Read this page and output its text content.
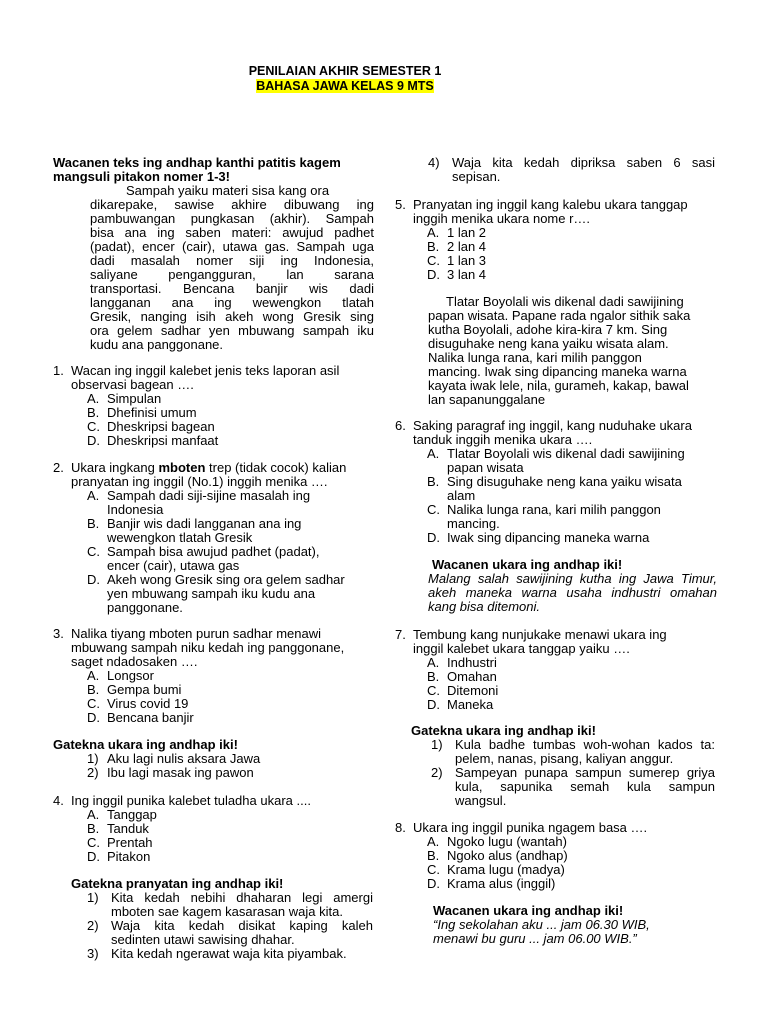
PENILAIAN AKHIR SEMESTER 1
BAHASA JAWA KELAS 9 MTS
Wacanen teks ing andhap kanthi patitis kagem
mangsuli pitakon nomer 1-3!
Sampah yaiku materi sisa kang ora
dikarepake, sawise akhire dibuwang ing
pambuwangan pungkasan (akhir). Sampah
bisa ana ing saben materi: awujud padhet
(padat), encer (cair), utawa gas. Sampah uga
dadi masalah nomer siji ing Indonesia,
saliyane pengangguran, lan sarana
transportasi. Bencana banjir wis dadi
langganan ana ing wewengkon tlatah
Gresik, nanging isih akeh wong Gresik sing
ora gelem sadhar yen mbuwang sampah iku
kudu ana panggonane.
1. Wacan ing inggil kalebet jenis teks laporan asil
observasi bagean ….
A. Simpulan
B. Dhefinisi umum
C. Dheskripsi bagean
D. Dheskripsi manfaat
2. Ukara ingkang mboten trep (tidak cocok) kalian
pranyatan ing inggil (No.1) inggih menika ….
A. Sampah dadi siji-sijine masalah ing
Indonesia
B. Banjir wis dadi langganan ana ing
wewengkon tlatah Gresik
C. Sampah bisa awujud padhet (padat),
encer (cair), utawa gas
D. Akeh wong Gresik sing ora gelem sadhar
yen mbuwang sampah iku kudu ana
panggonane.
3. Nalika tiyang mboten purun sadhar menawi
mbuwang sampah niku kedah ing panggonane,
saget ndadosaken ….
A. Longsor
B. Gempa bumi
C. Virus covid 19
D. Bencana banjir
Gatekna ukara ing andhap iki!
1) Aku lagi nulis aksara Jawa
2) Ibu lagi masak ing pawon
4. Ing inggil punika kalebet tuladha ukara ....
A. Tanggap
B. Tanduk
C. Prentah
D. Pitakon
Gatekna pranyatan ing andhap iki!
1) Kita kedah nebihi dhaharan legi amergi
mboten sae kagem kasarasan waja kita.
2) Waja kita kedah disikat kaping kaleh
sedinten utawi sawising dhahar.
3) Kita kedah ngerawat waja kita piyambak.
4) Waja kita kedah dipriksa saben 6 sasi
sepisan.
5. Pranyatan ing inggil kang kalebu ukara tanggap
inggih menika ukara nome r….
A. 1 lan 2
B. 2 lan 4
C. 1 lan 3
D. 3 lan 4
Tlatar Boyolali wis dikenal dadi sawijining
papan wisata. Papane rada ngalor sithik saka
kutha Boyolali, adohe kira-kira 7 km. Sing
disuguhake neng kana yaiku wisata alam.
Nalika lunga rana, kari milih panggon
mancing. Iwak sing dipancing maneka warna
kayata iwak lele, nila, gurameh, kakap, bawal
lan sapanunggalane
6. Saking paragraf ing inggil, kang nuduhake ukara
tanduk inggih menika ukara ….
A. Tlatar Boyolali wis dikenal dadi sawijining
papan wisata
B. Sing disuguhake neng kana yaiku wisata
alam
C. Nalika lunga rana, kari milih panggon
mancing.
D. Iwak sing dipancing maneka warna
Wacanen ukara ing andhap iki!
Malang salah sawijining kutha ing Jawa Timur,
akeh maneka warna usaha indhustri omahan
kang bisa ditemoni.
7. Tembung kang nunjukake menawi ukara ing
inggil kalebet ukara tanggap yaiku ….
A. Indhustri
B. Omahan
C. Ditemoni
D. Maneka
Gatekna ukara ing andhap iki!
1) Kula badhe tumbas woh-wohan kados ta:
pelem, nanas, pisang, kaliyan anggur.
2) Sampeyan punapa sampun sumerep griya
kula, sapunika semah kula sampun
wangsul.
8. Ukara ing inggil punika ngagem basa ….
A. Ngoko lugu (wantah)
B. Ngoko alus (andhap)
C. Krama lugu (madya)
D. Krama alus (inggil)
Wacanen ukara ing andhap iki!
“Ing sekolahan aku ... jam 06.30 WIB,
menawi bu guru ... jam 06.00 WIB.”
